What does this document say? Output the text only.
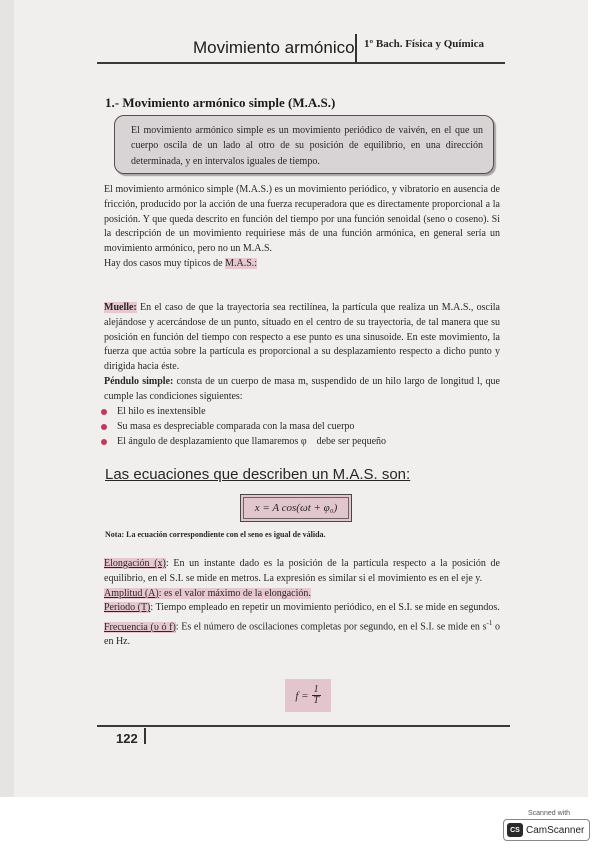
Movimiento armónico 1º Bach. Física y Química
1.- Movimiento armónico simple (M.A.S.)
El movimiento armónico simple es un movimiento periódico de vaivén, en el que un cuerpo oscila de un lado al otro de su posición de equilibrio, en una dirección determinada, y en intervalos iguales de tiempo.
El movimiento armónico simple (M.A.S.) es un movimiento periódico, y vibratorio en ausencia de fricción, producido por la acción de una fuerza recuperadora que es directamente proporcional a la posición. Y que queda descrito en función del tiempo por una función senoidal (seno o coseno). Si la descripción de un movimiento requiriese más de una función armónica, en general sería un movimiento armónico, pero no un M.A.S.
Hay dos casos muy típicos de M.A.S.:
Muelle: En el caso de que la trayectoria sea rectilínea, la partícula que realiza un M.A.S., oscila alejándose y acercándose de un punto, situado en el centro de su trayectoria, de tal manera que su posición en función del tiempo con respecto a ese punto es una sinusoide. En este movimiento, la fuerza que actúa sobre la partícula es proporcional a su desplazamiento respecto a dicho punto y dirigida hacia éste.
Péndulo simple: consta de un cuerpo de masa m, suspendido de un hilo largo de longitud l, que cumple las condiciones siguientes:
El hilo es inextensible
Su masa es despreciable comparada con la masa del cuerpo
El ángulo de desplazamiento que llamaremos φ    debe ser pequeño
Las ecuaciones que describen un M.A.S. son:
x = A cos(ωt + φ₀)
Nota: La ecuación correspondiente con el seno es igual de válida.
Elongación (x): En un instante dado es la posición de la partícula respecto a la posición de equilibrio, en el S.I. se mide en metros. La expresión es similar si el movimiento es en el eje y.
Amplitud (A): es el valor máximo de la elongación.
Periodo (T): Tiempo empleado en repetir un movimiento periódico, en el S.I. se mide en segundos.
Frecuencia (υ ó f): Es el número de oscilaciones completas por segundo, en el S.I. se mide en $s^{-1}$ o en Hz.
$f = \frac{1}{T}$
122
Scanned with
CS CamScanner
